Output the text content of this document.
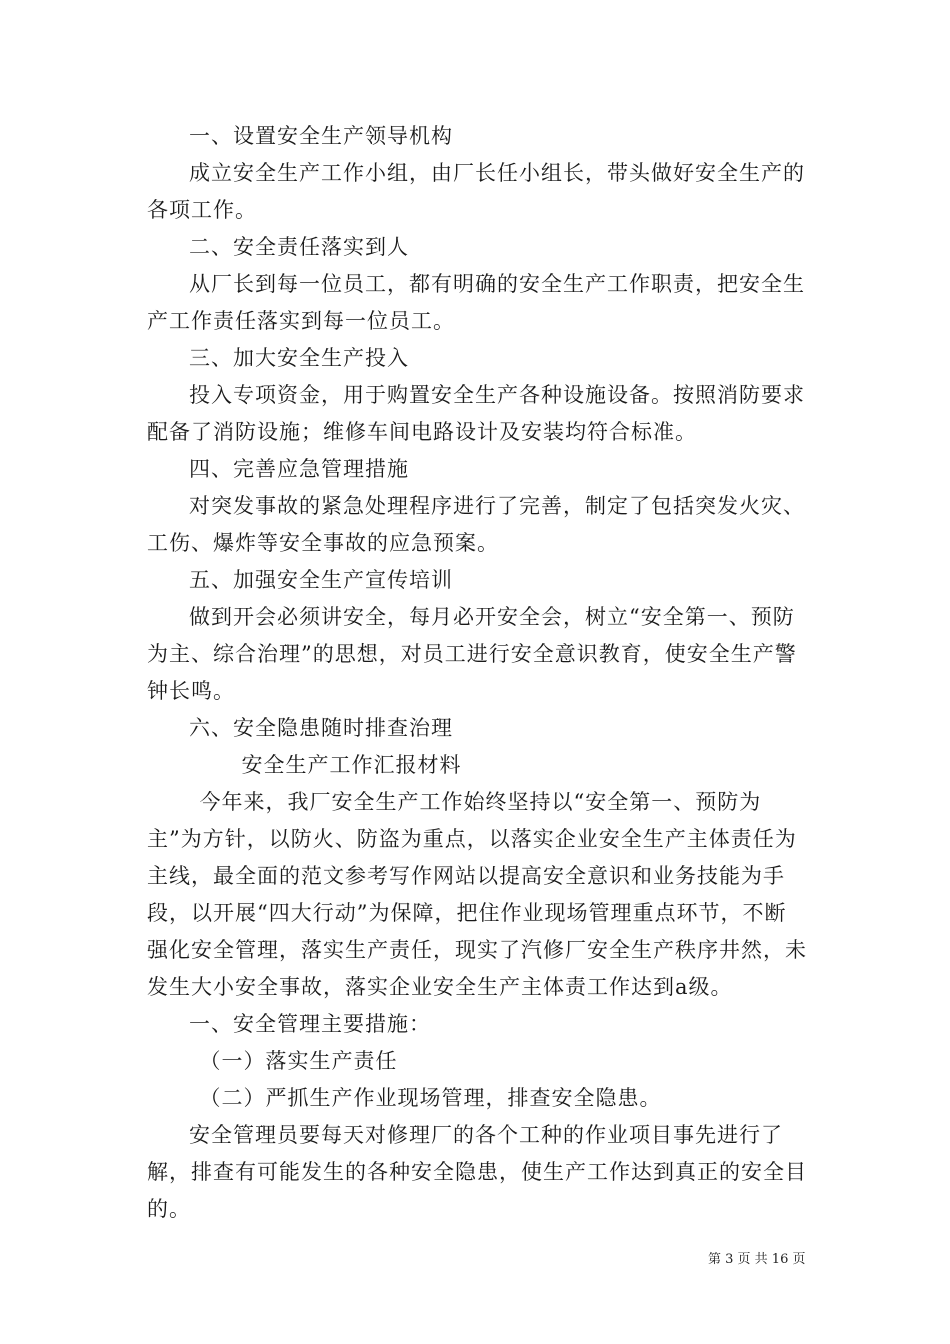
一、设置安全生产领导机构

成立安全生产工作小组，由厂长任小组长，带头做好安全生产的各项工作。

二、安全责任落实到人

从厂长到每一位员工，都有明确的安全生产工作职责，把安全生产工作责任落实到每一位员工。

三、加大安全生产投入

投入专项资金，用于购置安全生产各种设施设备。按照消防要求配备了消防设施；维修车间电路设计及安装均符合标准。

四、完善应急管理措施

对突发事故的紧急处理程序进行了完善，制定了包括突发火灾、工伤、爆炸等安全事故的应急预案。

五、加强安全生产宣传培训

做到开会必须讲安全，每月必开安全会，树立“安全第一、预防为主、综合治理”的思想，对员工进行安全意识教育，使安全生产警钟长鸣。

六、安全隐患随时排查治理

安全生产工作汇报材料

今年来，我厂安全生产工作始终坚持以“安全第一、预防为主”为方针，以防火、防盗为重点，以落实企业安全生产主体责任为主线，最全面的范文参考写作网站以提高安全意识和业务技能为手段，以开展“四大行动”为保障，把住作业现场管理重点环节，不断强化安全管理，落实生产责任，现实了汽修厂安全生产秩序井然，未发生大小安全事故，落实企业安全生产主体责工作达到a级。

一、安全管理主要措施：

（一）落实生产责任

（二）严抓生产作业现场管理，排查安全隐患。

安全管理员要每天对修理厂的各个工种的作业项目事先进行了解，排查有可能发生的各种安全隐患，使生产工作达到真正的安全目的。

第 3 页 共 16 页
